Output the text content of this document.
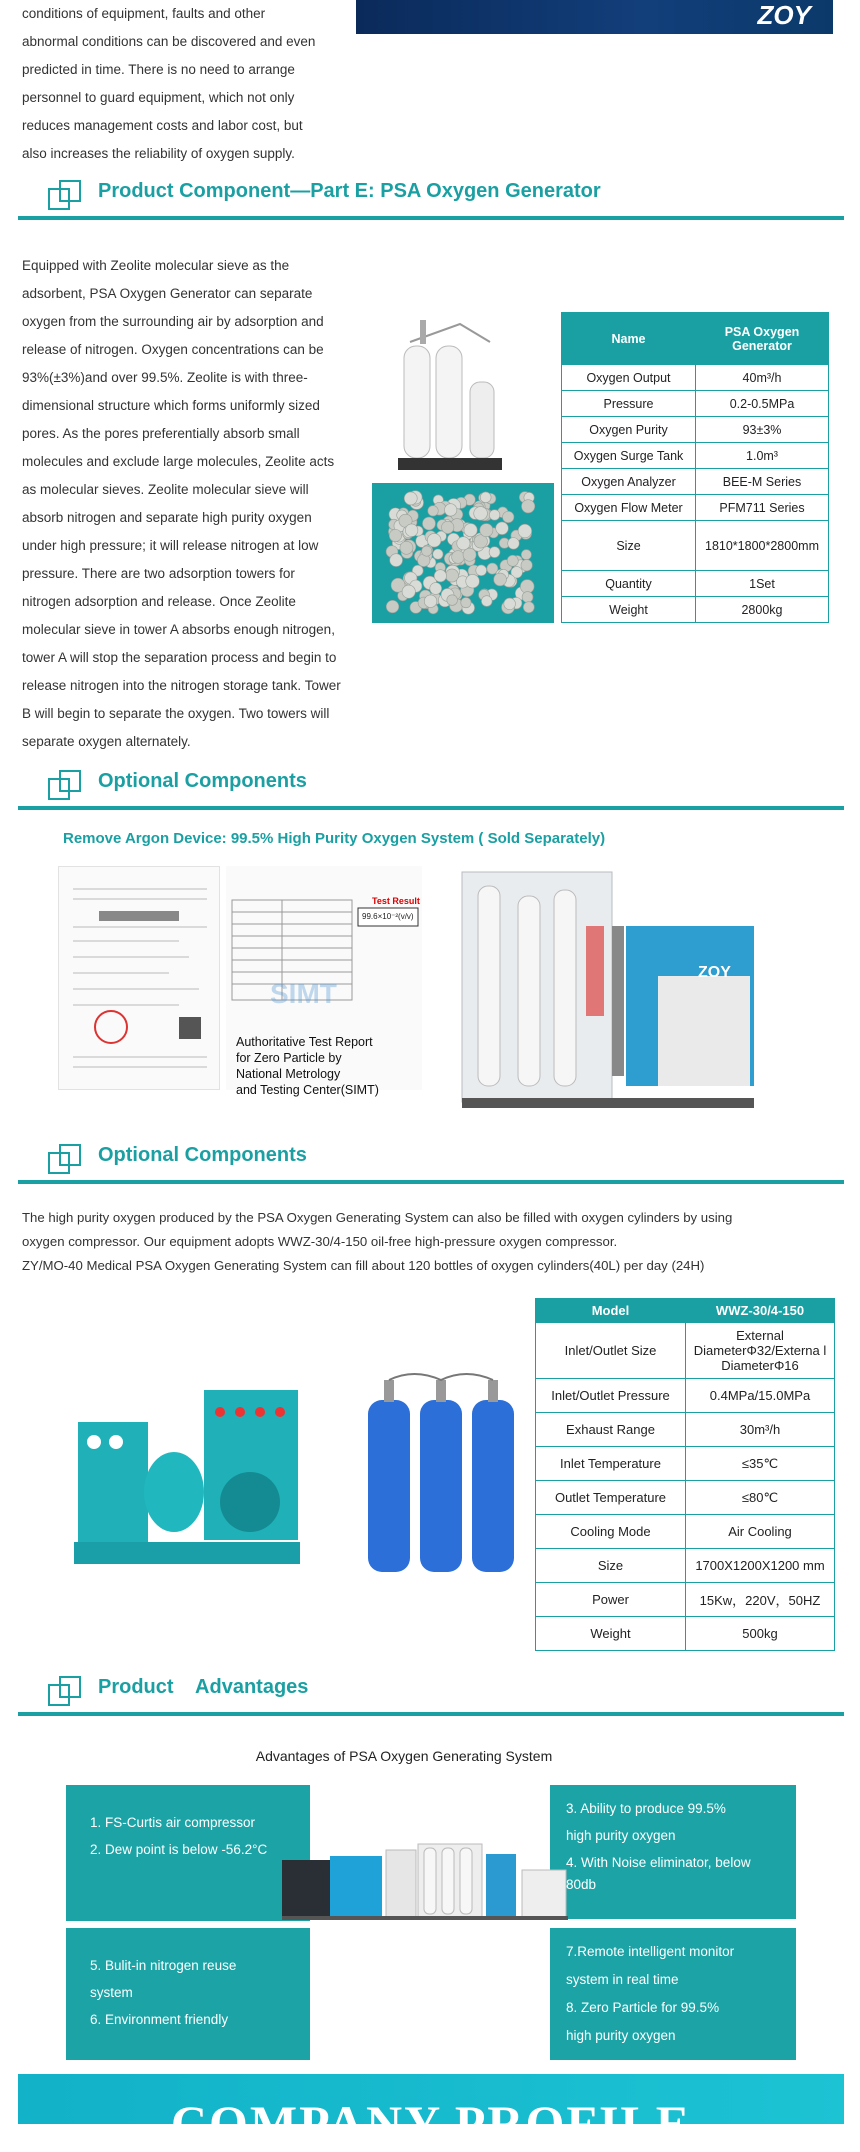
conditions of equipment, faults and other
abnormal conditions can be discovered and even
predicted in time. There is no need to arrange
personnel to guard equipment, which not only
reduces management costs and labor cost, but
also increases the reliability of oxygen supply.
ZOY
Product Component—Part E: PSA Oxygen Generator
Equipped with Zeolite molecular sieve as the
adsorbent, PSA Oxygen Generator can separate
oxygen from the surrounding air by adsorption and
release of nitrogen. Oxygen concentrations can be
93%(±3%)and over 99.5%. Zeolite is with three-
dimensional structure which forms uniformly sized
pores. As the pores preferentially absorb small
molecules and exclude large molecules, Zeolite acts
as molecular sieves. Zeolite molecular sieve will
absorb nitrogen and separate high purity oxygen
under high pressure; it will release nitrogen at low
pressure. There are two adsorption towers for
nitrogen adsorption and release. Once Zeolite
molecular sieve in tower A absorbs enough nitrogen,
tower A will stop the separation process and begin to
release nitrogen into the nitrogen storage tank. Tower
B will begin to separate the oxygen. Two towers will
separate oxygen alternately.
Name	PSA Oxygen Generator
Oxygen Output	40m³/h
Pressure	0.2-0.5MPa
Oxygen Purity	93±3%
Oxygen Surge Tank	1.0m³
Oxygen Analyzer	BEE-M Series
Oxygen Flow Meter	PFM711 Series
Size	1810*1800*2800mm
Quantity	1Set
Weight	2800kg
Optional Components
Remove Argon Device: 99.5% High Purity Oxygen System ( Sold Separately)
Test Result
99.6×10⁻²(v/v)
SIMT
Authoritative Test Report
for Zero Particle by
National Metrology
and Testing Center(SIMT)
ZOY
Optional Components
The high purity oxygen produced by the PSA Oxygen Generating System can also be filled with oxygen cylinders by using
oxygen compressor. Our equipment adopts WWZ-30/4-150 oil-free high-pressure oxygen compressor.
ZY/MO-40 Medical PSA Oxygen Generating System can fill about 120 bottles of oxygen cylinders(40L) per day (24H)
Model	WWZ-30/4-150
Inlet/Outlet Size	External DiameterΦ32/Externa l DiameterΦ16
Inlet/Outlet Pressure	0.4MPa/15.0MPa
Exhaust Range	30m³/h
Inlet Temperature	≤35℃
Outlet Temperature	≤80℃
Cooling Mode	Air Cooling
Size	1700X1200X1200 mm
Power	15Kw，220V，50HZ
Weight	500kg
Product    Advantages
Advantages of PSA Oxygen Generating System
1. FS-Curtis air compressor
2. Dew point is below -56.2°C
3. Ability to produce 99.5%
high purity oxygen
4. With Noise eliminator, below
80db
5. Bulit-in nitrogen reuse
system
6. Environment friendly
7.Remote intelligent monitor
system in real time
8. Zero Particle for 99.5%
high purity oxygen
COMPANY PROFILE
